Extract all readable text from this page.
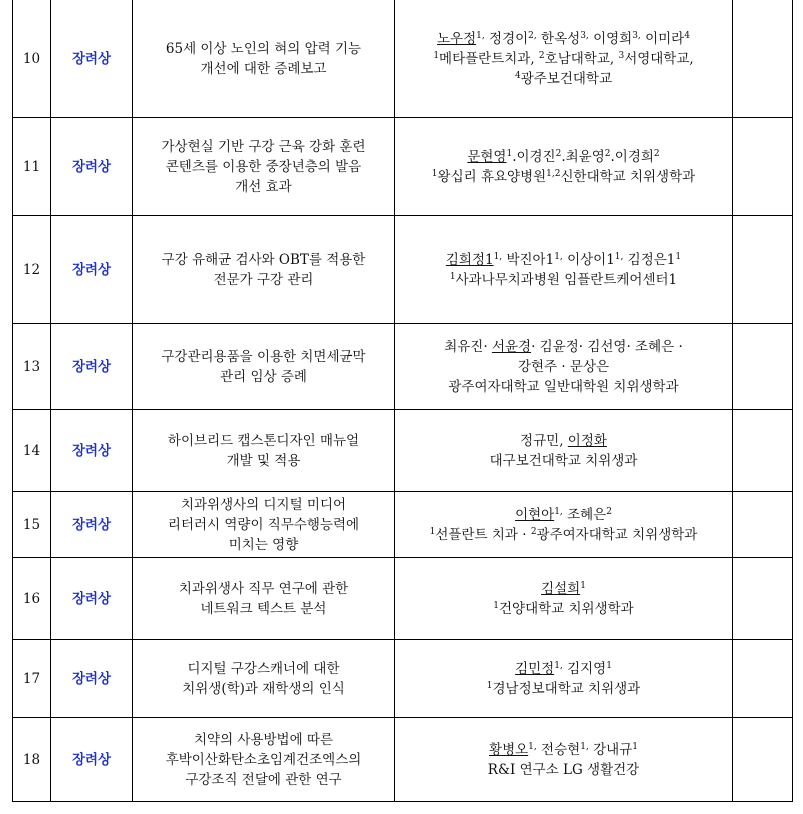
10	장려상	65세 이상 노인의 혀의 압력 기능
개선에 대한 증례보고	노우정$^{1,}$ 정경이$^{2,}$ 한옥성$^{3,}$ 이영희$^{3,}$ 이미라$^4$
$^1$메타플란트치과, $^2$호남대학교, $^3$서영대학교,
$^4$광주보건대학교	

11	장려상	가상현실 기반 구강 근육 강화 훈련
콘텐츠를 이용한 중장년층의 발음
개선 효과	문현영$^1$.이경진$^2$.최윤영$^2$.이경희$^2$
$^1$왕십리 휴요양병원$^{1,2}$신한대학교 치위생학과	

12	장려상	구강 유해균 검사와 OBT를 적용한
전문가 구강 관리	김희정$1^{1,}$ 박진아$1^{1,}$ 이상이$1^{1,}$ 김정은$1^1$
$^1$사과나무치과병원 임플란트케어센터1	

13	장려상	구강관리용품을 이용한 치면세균막
관리 임상 증례	최유진· 서윤경· 김윤정· 김선영· 조혜은 ·
강현주 · 문상은
광주여자대학교 일반대학원 치위생학과	

14	장려상	하이브리드 캡스톤디자인 매뉴얼
개발 및 적용	정규민, 이정화
대구보건대학교 치위생과	

15	장려상	치과위생사의 디지털 미디어
리터러시 역량이 직무수행능력에
미치는 영향	이현아$^{1,}$ 조혜은$^2$
$^1$선플란트 치과 · $^2$광주여자대학교 치위생학과	

16	장려상	치과위생사 직무 연구에 관한
네트워크 텍스트 분석	김설희$^1$
$^1$건양대학교 치위생학과	

17	장려상	디지털 구강스캐너에 대한
치위생(학)과 재학생의 인식	김민정$^{1,}$ 김지영$^1$
$^1$경남정보대학교 치위생과	

18	장려상	치약의 사용방법에 따른
후박이산화탄소초임계건조엑스의
구강조직 전달에 관한 연구	황병오$^{1,}$ 전승현$^{1,}$ 강내규$^1$
R&I 연구소 LG 생활건강	
